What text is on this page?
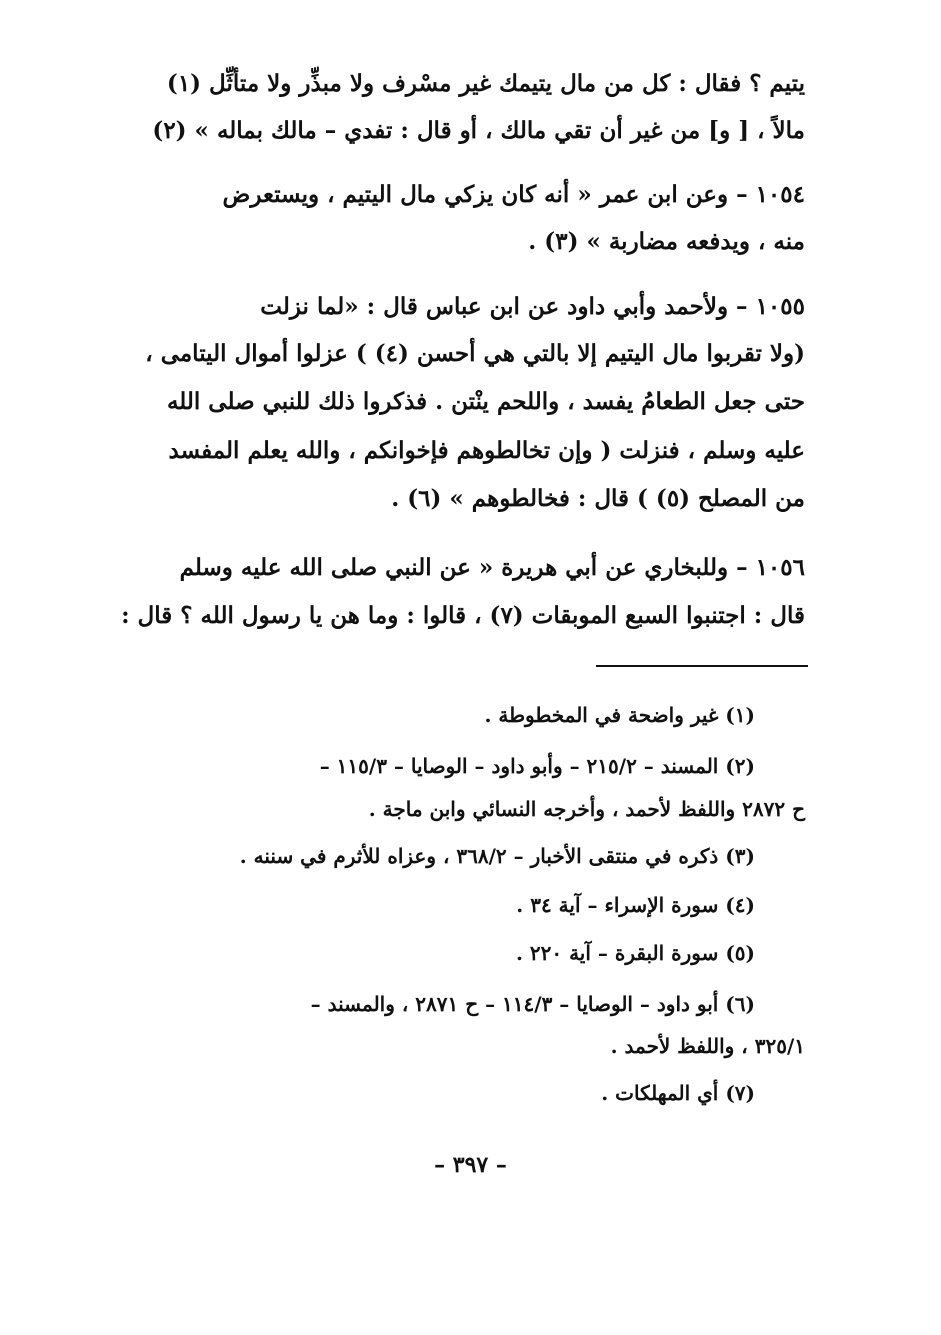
يتيم ؟ فقال : كل من مال يتيمك غير مسْرف ولا مبذِّر ولا متأثِّل (١)
مالاً ، [ و] من غير أن تقي مالك ، أو قال : تفدي – مالك بماله » (٢)
١٠٥٤ – وعن ابن عمر « أنه كان يزكي مال اليتيم ، ويستعرض
منه ، ويدفعه مضاربة » (٣) .
١٠٥٥ – ولأحمد وأبي داود عن ابن عباس قال : «لما نزلت
(ولا تقربوا مال اليتيم إلا بالتي هي أحسن (٤) ) عزلوا أموال اليتامى ،
حتى جعل الطعامُ يفسد ، واللحم ينْتن . فذكروا ذلك للنبي صلى الله
عليه وسلم ، فنزلت ( وإن تخالطوهم فإخوانكم ، والله يعلم المفسد
من المصلح (٥) ) قال : فخالطوهم » (٦) .
١٠٥٦ – وللبخاري عن أبي هريرة « عن النبي صلى الله عليه وسلم
قال : اجتنبوا السبع الموبقات (٧) ، قالوا : وما هن يا رسول الله ؟ قال :
(١) غير واضحة في المخطوطة .
(٢) المسند – ٢١٥/٢ – وأبو داود – الوصايا – ١١٥/٣ –
ح ٢٨٧٢ واللفظ لأحمد ، وأخرجه النسائي وابن ماجة .
(٣) ذكره في منتقى الأخبار – ٣٦٨/٢ ، وعزاه للأثرم في سننه .
(٤) سورة الإسراء – آية ٣٤ .
(٥) سورة البقرة – آية ٢٢٠ .
(٦) أبو داود – الوصايا – ١١٤/٣ – ح ٢٨٧١ ، والمسند –
٣٢٥/١ ، واللفظ لأحمد .
(٧) أي المهلكات .
– ٣٩٧ –
